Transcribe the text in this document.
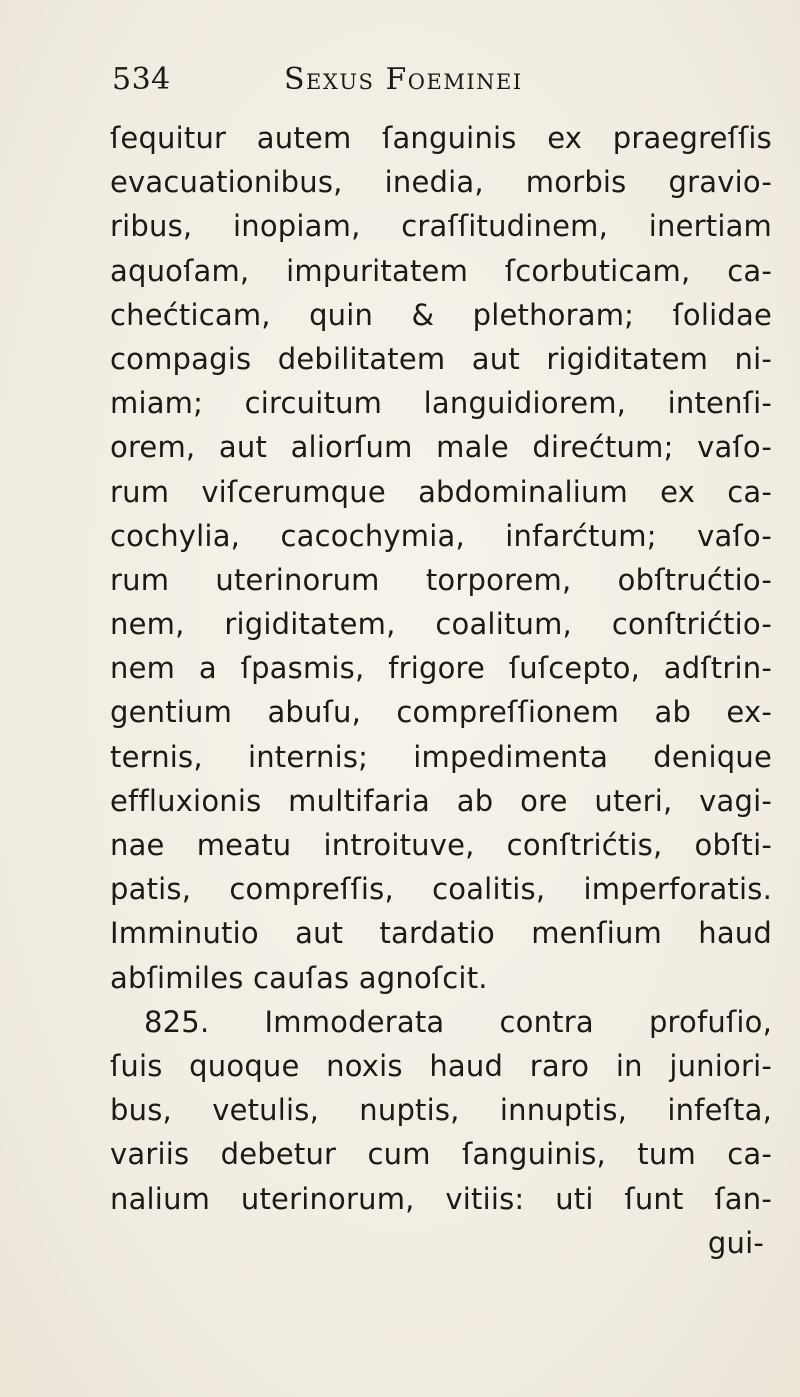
534	Sexus Foeminei
ſequitur autem ſanguinis ex praegreſſis
evacuationibus, inedia, morbis gravio-
ribus, inopiam, craſſitudinem, inertiam
aquoſam, impuritatem ſcorbuticam, ca-
chećticam, quin & plethoram; ſolidae
compagis debilitatem aut rigiditatem ni-
miam; circuitum languidiorem, intenſi-
orem, aut aliorſum male direćtum; vaſo-
rum viſcerumque abdominalium ex ca-
cochylia, cacochymia, infarćtum; vaſo-
rum uterinorum torporem, obſtrućtio-
nem, rigiditatem, coalitum, conſtrićtio-
nem a ſpasmis, frigore ſuſcepto, adſtrin-
gentium abuſu, compreſſionem ab ex-
ternis, internis; impedimenta denique
effluxionis multifaria ab ore uteri, vagi-
nae meatu introituve, conſtrićtis, obſti-
patis, compreſſis, coalitis, imperforatis.
Imminutio aut tardatio menſium haud
abſimiles cauſas agnoſcit.
825. Immoderata contra profuſio,
ſuis quoque noxis haud raro in juniori-
bus, vetulis, nuptis, innuptis, infeſta,
variis debetur cum ſanguinis, tum ca-
nalium uterinorum, vitiis: uti ſunt ſan-
gui-
